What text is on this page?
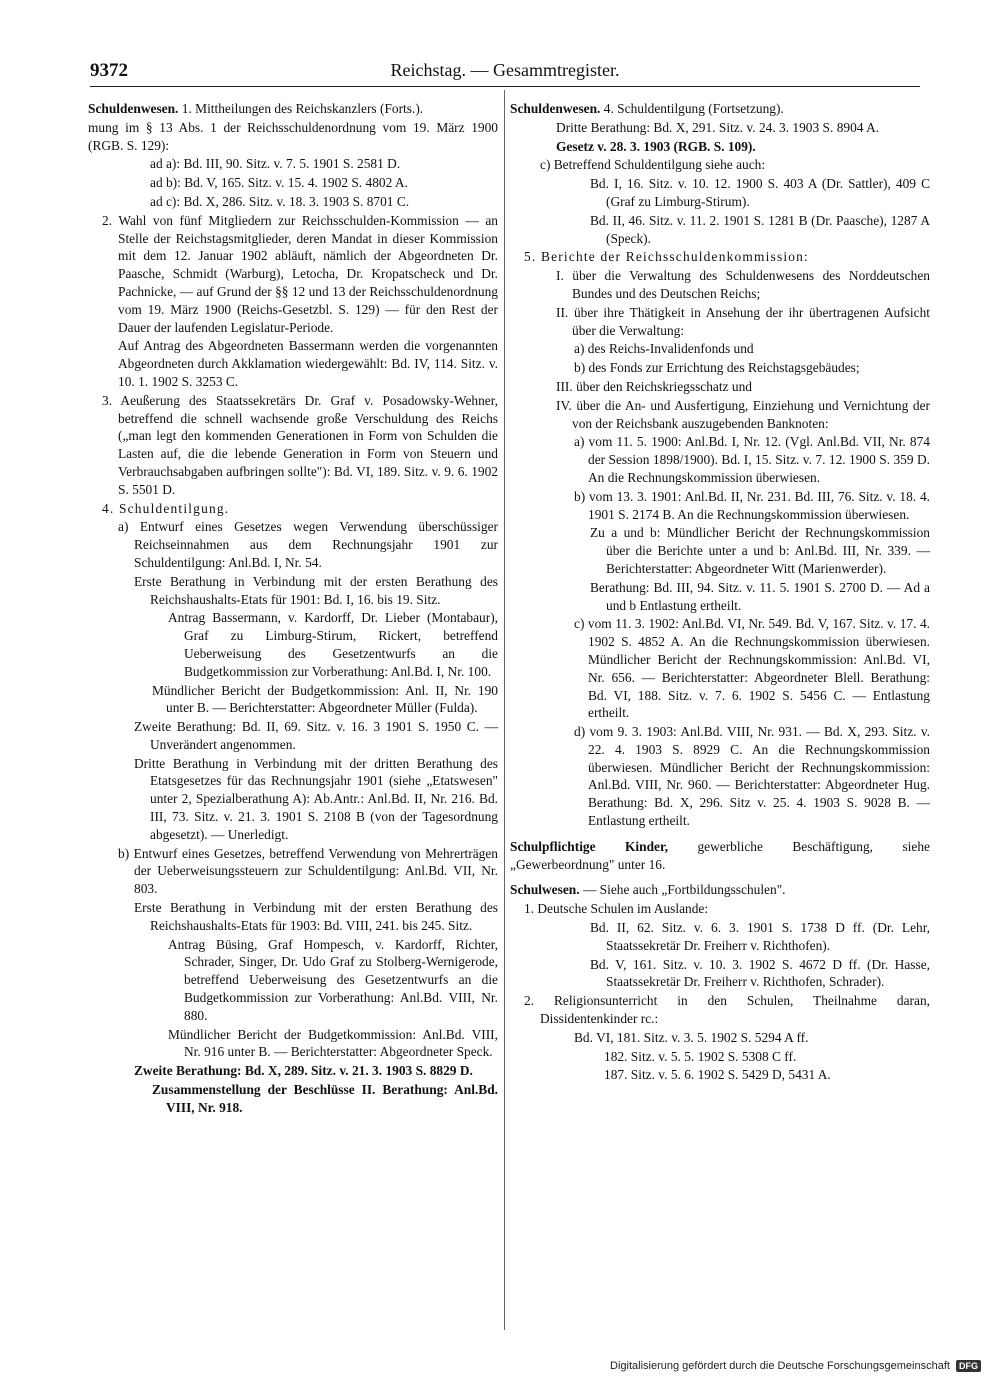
9372	Reichstag. — Gesammtregister.

Schuldenwesen. 1. Mittheilungen des Reichskanzlers (Forts.).

mung im § 13 Abs. 1 der Reichsschuldenordnung vom 19. März 1900 (RGB. S. 129):

ad a): Bd. III, 90. Sitz. v. 7. 5. 1901 S. 2581 D.

ad b): Bd. V, 165. Sitz. v. 15. 4. 1902 S. 4802 A.

ad c): Bd. X, 286. Sitz. v. 18. 3. 1903 S. 8701 C.

2. Wahl von fünf Mitgliedern zur Reichsschulden-Kommission — an Stelle der Reichstagsmitglieder, deren Mandat in dieser Kommission mit dem 12. Januar 1902 abläuft, nämlich der Abgeordneten Dr. Paasche, Schmidt (Warburg), Letocha, Dr. Kropatscheck und Dr. Pachnicke, — auf Grund der §§ 12 und 13 der Reichsschuldenordnung vom 19. März 1900 (Reichs-Gesetzbl. S. 129) — für den Rest der Dauer der laufenden Legislatur-Periode.

Auf Antrag des Abgeordneten Bassermann werden die vorgenannten Abgeordneten durch Akklamation wiedergewählt: Bd. IV, 114. Sitz. v. 10. 1. 1902 S. 3253 C.

3. Aeußerung des Staatssekretärs Dr. Graf v. Posadowsky-Wehner, betreffend die schnell wachsende große Verschuldung des Reichs („man legt den kommenden Generationen in Form von Schulden die Lasten auf, die die lebende Generation in Form von Steuern und Verbrauchsabgaben aufbringen sollte"): Bd. VI, 189. Sitz. v. 9. 6. 1902 S. 5501 D.

4. Schuldentilgung.

a) Entwurf eines Gesetzes wegen Verwendung überschüssiger Reichseinnahmen aus dem Rechnungsjahr 1901 zur Schuldentilgung: Anl.Bd. I, Nr. 54.

Erste Berathung in Verbindung mit der ersten Berathung des Reichshaushalts-Etats für 1901: Bd. I, 16. bis 19. Sitz.

Antrag Bassermann, v. Kardorff, Dr. Lieber (Montabaur), Graf zu Limburg-Stirum, Rickert, betreffend Ueberweisung des Gesetzentwurfs an die Budgetkommission zur Vorberathung: Anl.Bd. I, Nr. 100.

Mündlicher Bericht der Budgetkommission: Anl. II, Nr. 190 unter B. — Berichterstatter: Abgeordneter Müller (Fulda).

Zweite Berathung: Bd. II, 69. Sitz. v. 16. 3 1901 S. 1950 C. — Unverändert angenommen.

Dritte Berathung in Verbindung mit der dritten Berathung des Etatsgesetzes für das Rechnungsjahr 1901 (siehe „Etatswesen" unter 2, Spezialberathung A): Ab.Antr.: Anl.Bd. II, Nr. 216. Bd. III, 73. Sitz. v. 21. 3. 1901 S. 2108 B (von der Tagesordnung abgesetzt). — Unerledigt.

b) Entwurf eines Gesetzes, betreffend Verwendung von Mehrerträgen der Ueberweisungssteuern zur Schuldentilgung: Anl.Bd. VII, Nr. 803.

Erste Berathung in Verbindung mit der ersten Berathung des Reichshaushalts-Etats für 1903: Bd. VIII, 241. bis 245. Sitz.

Antrag Büsing, Graf Hompesch, v. Kardorff, Richter, Schrader, Singer, Dr. Udo Graf zu Stolberg-Wernigerode, betreffend Ueberweisung des Gesetzentwurfs an die Budgetkommission zur Vorberathung: Anl.Bd. VIII, Nr. 880.

Mündlicher Bericht der Budgetkommission: Anl.Bd. VIII, Nr. 916 unter B. — Berichterstatter: Abgeordneter Speck.

Zweite Berathung: Bd. X, 289. Sitz. v. 21. 3. 1903 S. 8829 D.

Zusammenstellung der Beschlüsse II. Berathung: Anl.Bd. VIII, Nr. 918.

Schuldenwesen. 4. Schuldentilgung (Fortsetzung).

Dritte Berathung: Bd. X, 291. Sitz. v. 24. 3. 1903 S. 8904 A.

Gesetz v. 28. 3. 1903 (RGB. S. 109).

c) Betreffend Schuldentilgung siehe auch:

Bd. I, 16. Sitz. v. 10. 12. 1900 S. 403 A (Dr. Sattler), 409 C (Graf zu Limburg-Stirum).

Bd. II, 46. Sitz. v. 11. 2. 1901 S. 1281 B (Dr. Paasche), 1287 A (Speck).

5. Berichte der Reichsschuldenkommission:

I. über die Verwaltung des Schuldenwesens des Norddeutschen Bundes und des Deutschen Reichs;

II. über ihre Thätigkeit in Ansehung der ihr übertragenen Aufsicht über die Verwaltung:

a) des Reichs-Invalidenfonds und

b) des Fonds zur Errichtung des Reichstagsgebäudes;

III. über den Reichskriegsschatz und

IV. über die An- und Ausfertigung, Einziehung und Vernichtung der von der Reichsbank auszugebenden Banknoten:

a) vom 11. 5. 1900: Anl.Bd. I, Nr. 12. (Vgl. Anl.Bd. VII, Nr. 874 der Session 1898/1900). Bd. I, 15. Sitz. v. 7. 12. 1900 S. 359 D. An die Rechnungskommission überwiesen.

b) vom 13. 3. 1901: Anl.Bd. II, Nr. 231. Bd. III, 76. Sitz. v. 18. 4. 1901 S. 2174 B. An die Rechnungskommission überwiesen.

Zu a und b: Mündlicher Bericht der Rechnungskommission über die Berichte unter a und b: Anl.Bd. III, Nr. 339. — Berichterstatter: Abgeordneter Witt (Marienwerder).

Berathung: Bd. III, 94. Sitz. v. 11. 5. 1901 S. 2700 D. — Ad a und b Entlastung ertheilt.

c) vom 11. 3. 1902: Anl.Bd. VI, Nr. 549. Bd. V, 167. Sitz. v. 17. 4. 1902 S. 4852 A. An die Rechnungskommission überwiesen. Mündlicher Bericht der Rechnungskommission: Anl.Bd. VI, Nr. 656. — Berichterstatter: Abgeordneter Blell. Berathung: Bd. VI, 188. Sitz. v. 7. 6. 1902 S. 5456 C. — Entlastung ertheilt.

d) vom 9. 3. 1903: Anl.Bd. VIII, Nr. 931. — Bd. X, 293. Sitz. v. 22. 4. 1903 S. 8929 C. An die Rechnungskommission überwiesen. Mündlicher Bericht der Rechnungskommission: Anl.Bd. VIII, Nr. 960. — Berichterstatter: Abgeordneter Hug. Berathung: Bd. X, 296. Sitz v. 25. 4. 1903 S. 9028 B. — Entlastung ertheilt.

Schulpflichtige Kinder, gewerbliche Beschäftigung, siehe „Gewerbeordnung" unter 16.

Schulwesen. — Siehe auch „Fortbildungsschulen".

1. Deutsche Schulen im Auslande:

Bd. II, 62. Sitz. v. 6. 3. 1901 S. 1738 D ff. (Dr. Lehr, Staatssekretär Dr. Freiherr v. Richthofen).

Bd. V, 161. Sitz. v. 10. 3. 1902 S. 4672 D ff. (Dr. Hasse, Staatssekretär Dr. Freiherr v. Richthofen, Schrader).

2. Religionsunterricht in den Schulen, Theilnahme daran, Dissidentenkinder rc.:

Bd. VI, 181. Sitz. v. 3. 5. 1902 S. 5294 A ff.

182. Sitz. v. 5. 5. 1902 S. 5308 C ff.

187. Sitz. v. 5. 6. 1902 S. 5429 D, 5431 A.

Digitalisierung gefördert durch die Deutsche Forschungsgemeinschaft DFG
